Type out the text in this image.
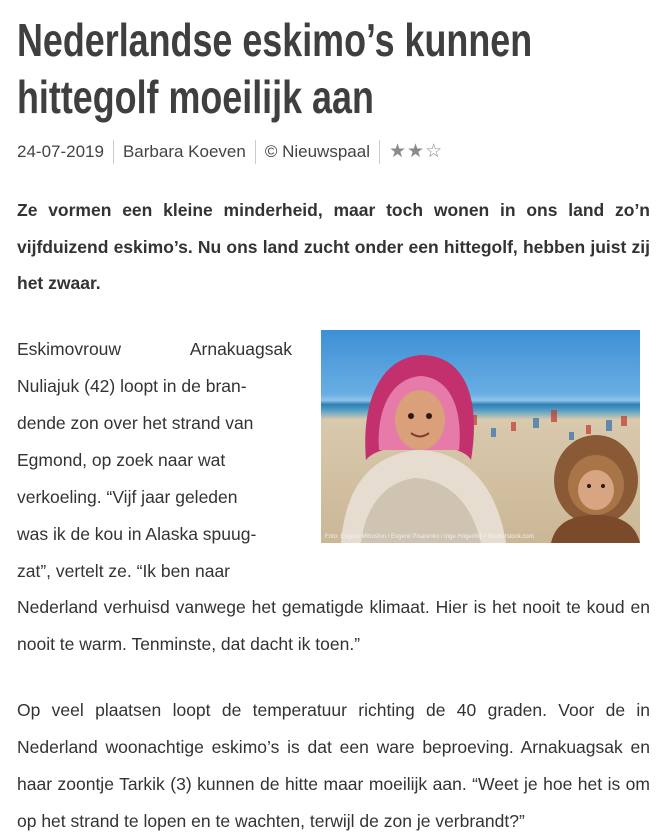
Nederlandse eskimo’s kunnen
hittegolf moeilijk aan
24-07-2019 Barbara Koeven © Nieuwspaal ★ ★ ☆

Ze vormen een kleine minderheid, maar toch wonen in ons land zo’n vijfduizend eskimo’s. Nu ons land zucht onder een hittegolf, hebben juist zij het zwaar.

Eskimovrouw	Arnakuagsak
Nuliajuk (42) loopt in de bran-
dende zon over het strand van
Egmond, op zoek naar wat
verkoeling. “Vijf jaar geleden
was ik de kou in Alaska spuug-
zat”, vertelt ze. “Ik ben naar

Nederland verhuisd vanwege het gematigde klimaat. Hier is het nooit te koud en nooit te warm. Tenminste, dat dacht ik toen.”

Op veel plaatsen loopt de temperatuur richting de 40 graden. Voor de in Nederland woonachtige eskimo’s is dat een ware beproeving. Arnakuagsak en haar zoontje Tarkik (3) kunnen de hitte maar moeilijk aan. “Weet je hoe het is om op het strand te lopen en te wachten, terwijl de zon je verbrandt?”

Foto: Evgenii Mitroshin / Evgenii Pisarenko / Inge Hogenbijl / Shutterstock.com
